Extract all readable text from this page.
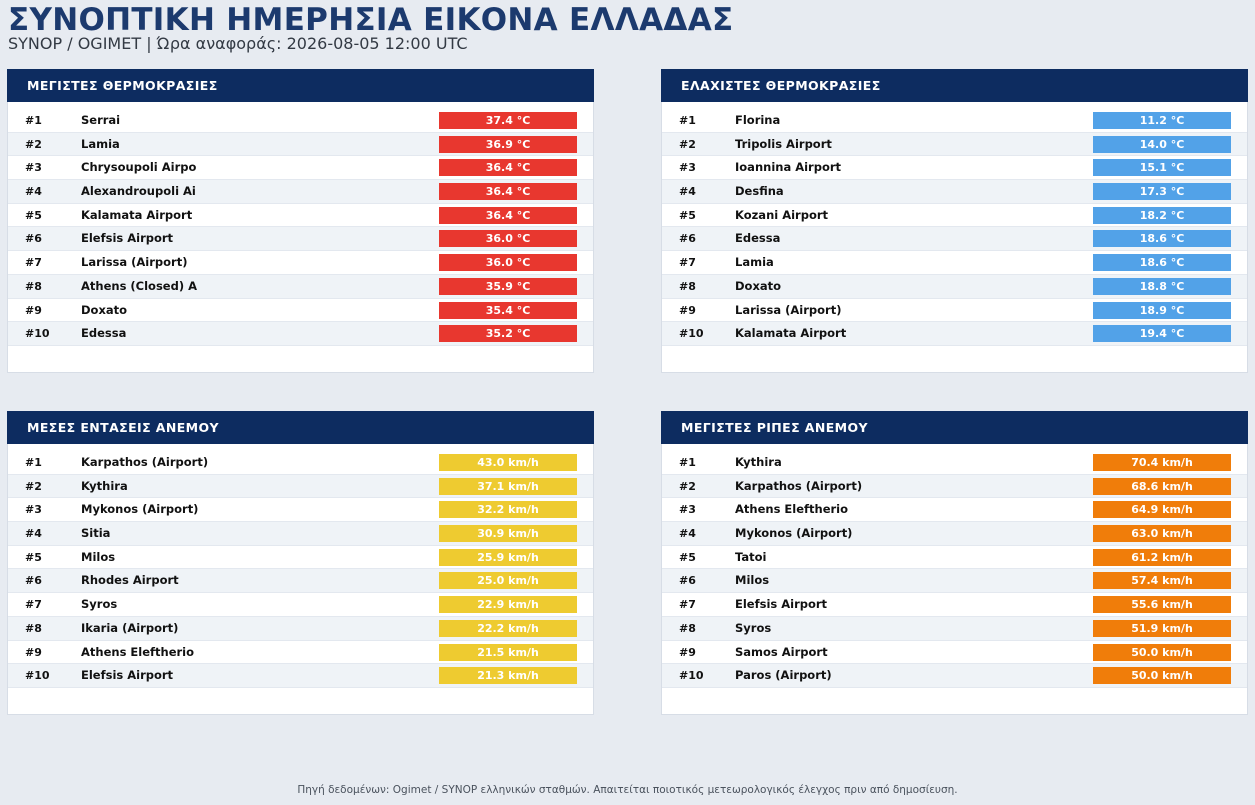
ΣΥΝΟΠΤΙΚΗ ΗΜΕΡΗΣΙΑ ΕΙΚΟΝΑ ΕΛΛΑΔΑΣ
SYNOP / OGIMET | Ώρα αναφοράς: 2026-08-05 12:00 UTC
ΜΕΓΙΣΤΕΣ ΘΕΡΜΟΚΡΑΣΙΕΣ
#1	Serrai	37.4 °C
#2	Lamia	36.9 °C
#3	Chrysoupoli Airpo	36.4 °C
#4	Alexandroupoli Ai	36.4 °C
#5	Kalamata Airport	36.4 °C
#6	Elefsis Airport	36.0 °C
#7	Larissa (Airport)	36.0 °C
#8	Athens (Closed) A	35.9 °C
#9	Doxato	35.4 °C
#10	Edessa	35.2 °C
ΕΛΑΧΙΣΤΕΣ ΘΕΡΜΟΚΡΑΣΙΕΣ
#1	Florina	11.2 °C
#2	Tripolis Airport	14.0 °C
#3	Ioannina Airport	15.1 °C
#4	Desfina	17.3 °C
#5	Kozani Airport	18.2 °C
#6	Edessa	18.6 °C
#7	Lamia	18.6 °C
#8	Doxato	18.8 °C
#9	Larissa (Airport)	18.9 °C
#10	Kalamata Airport	19.4 °C
ΜΕΣΕΣ ΕΝΤΑΣΕΙΣ ΑΝΕΜΟΥ
#1	Karpathos (Airport)	43.0 km/h
#2	Kythira	37.1 km/h
#3	Mykonos (Airport)	32.2 km/h
#4	Sitia	30.9 km/h
#5	Milos	25.9 km/h
#6	Rhodes Airport	25.0 km/h
#7	Syros	22.9 km/h
#8	Ikaria (Airport)	22.2 km/h
#9	Athens Eleftherio	21.5 km/h
#10	Elefsis Airport	21.3 km/h
ΜΕΓΙΣΤΕΣ ΡΙΠΕΣ ΑΝΕΜΟΥ
#1	Kythira	70.4 km/h
#2	Karpathos (Airport)	68.6 km/h
#3	Athens Eleftherio	64.9 km/h
#4	Mykonos (Airport)	63.0 km/h
#5	Tatoi	61.2 km/h
#6	Milos	57.4 km/h
#7	Elefsis Airport	55.6 km/h
#8	Syros	51.9 km/h
#9	Samos Airport	50.0 km/h
#10	Paros (Airport)	50.0 km/h
Πηγή δεδομένων: Ogimet / SYNOP ελληνικών σταθμών. Απαιτείται ποιοτικός μετεωρολογικός έλεγχος πριν από δημοσίευση.
